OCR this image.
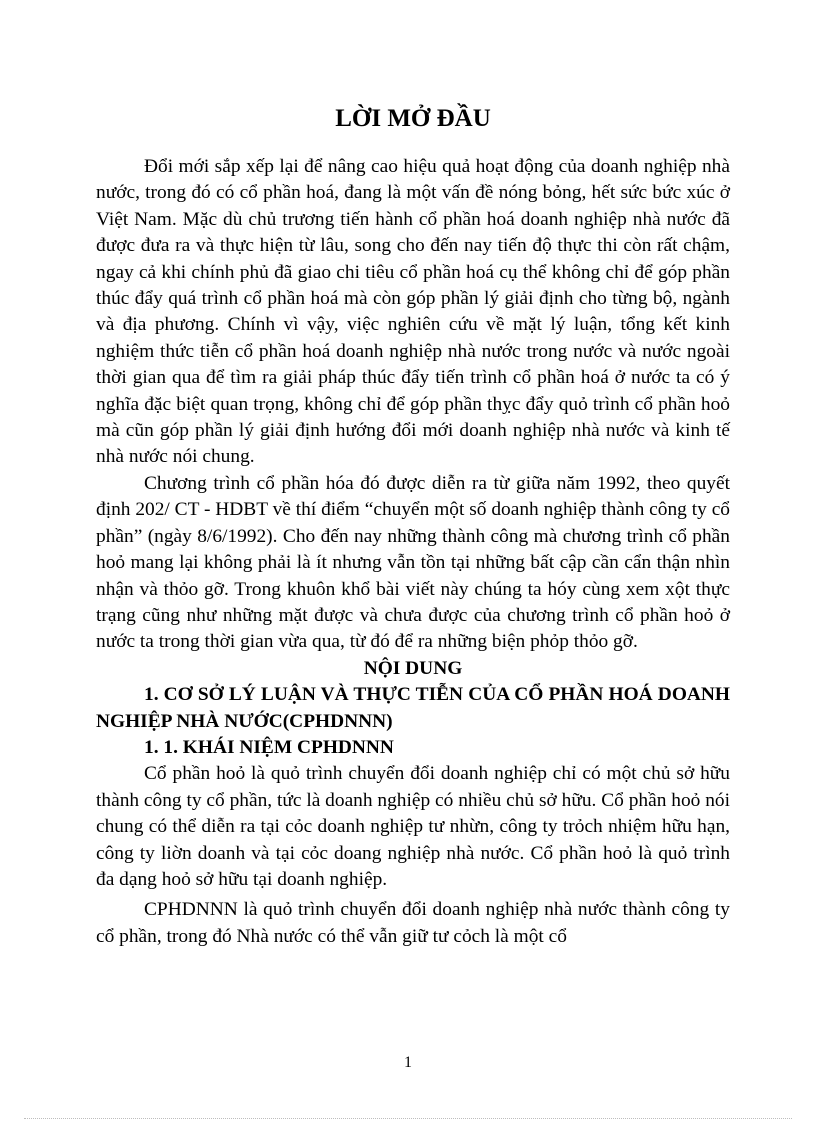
LỜI MỞ ĐẦU

Đổi mới sắp xếp lại để nâng cao hiệu quả hoạt động của doanh nghiệp nhà nước, trong đó có cổ phần hoá, đang là một vấn đề nóng bỏng, hết sức bức xúc ở Việt Nam. Mặc dù chủ trương tiến hành cổ phần hoá doanh nghiệp nhà nước đã được đưa ra và thực hiện từ lâu, song cho đến nay tiến độ thực thi còn rất chậm, ngay cả khi chính phủ đã giao chi tiêu cổ phần hoá cụ thể không chỉ để góp phần thúc đẩy quá trình cổ phần hoá mà còn góp phần lý giải định cho từng bộ, ngành và địa phương. Chính vì vậy, việc nghiên cứu về mặt lý luận, tổng kết kinh nghiệm thức tiễn cổ phần hoá doanh nghiệp nhà nước trong nước và nước ngoài thời gian qua để tìm ra giải pháp thúc đẩy tiến trình cổ phần hoá ở nước ta có ý nghĩa đặc biệt quan trọng, không chỉ để góp phần thỵc đẩy quỏ trình cổ phần hoỏ mà cũn góp phần lý giải định hướng đổi mới doanh nghiệp nhà nước và kinh tế nhà nước nói chung.

Chương trình cổ phần hóa đó được diễn ra từ giữa năm 1992, theo quyết định 202/ CT - HDBT về thí điểm “chuyển một số doanh nghiệp thành công ty cổ phần” (ngày 8/6/1992). Cho đến nay những thành công mà chương trình cổ phần hoỏ mang lại không phải là ít nhưng vẫn tồn tại những bất cập cần cẩn thận nhìn nhận và thỏo gỡ. Trong khuôn khổ bài viết này chúng ta hóy cùng xem xột thực trạng cũng như những mặt được và chưa được của chương trình cổ phần hoỏ ở nước ta trong thời gian vừa qua, từ đó để ra những biện phỏp thỏo gỡ.

NỘI DUNG

1. CƠ SỞ LÝ LUẬN VÀ THỰC TIỄN CỦA CỔ PHẦN HOÁ DOANH NGHIỆP NHÀ NƯỚC(CPHDNNN)

1. 1. KHÁI NIỆM CPHDNNN

Cổ phần hoỏ là quỏ trình chuyển đổi doanh nghiệp chỉ có một chủ sở hữu thành công ty cổ phần, tức là doanh nghiệp có nhiều chủ sở hữu. Cổ phần hoỏ nói chung có thể diễn ra tại cỏc doanh nghiệp tư nhừn, công ty trỏch nhiệm hữu hạn, công ty liờn doanh và tại cỏc doang nghiệp nhà nước. Cổ phần hoỏ là quỏ trình đa dạng hoỏ sở hữu tại doanh nghiệp.

CPHDNNN là quỏ trình chuyển đổi doanh nghiệp nhà nước thành công ty cổ phần, trong đó Nhà nước có thể vẫn giữ tư cỏch là một cổ

1
